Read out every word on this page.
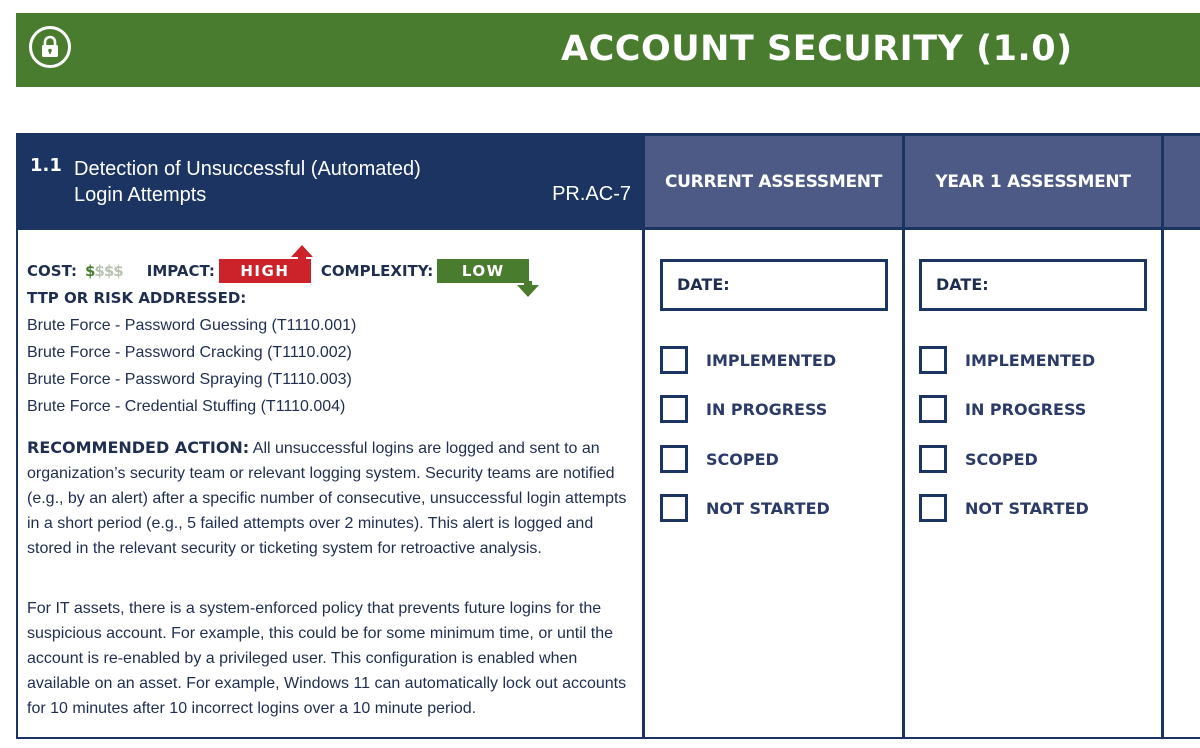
ACCOUNT SECURITY (1.0)
1.1 Detection of Unsuccessful (Automated) Login Attempts	PR.AC-7
CURRENT ASSESSMENT	YEAR 1 ASSESSMENT
COST: $$$$ IMPACT:	HIGH	COMPLEXITY:	LOW
TTP OR RISK ADDRESSED:
Brute Force - Password Guessing (T1110.001)
Brute Force - Password Cracking (T1110.002)
Brute Force - Password Spraying (T1110.003)
Brute Force - Credential Stuffing (T1110.004)

RECOMMENDED ACTION: All unsuccessful logins are logged and sent to an organization’s security team or relevant logging system. Security teams are notified (e.g., by an alert) after a specific number of consecutive, unsuccessful login attempts in a short period (e.g., 5 failed attempts over 2 minutes). This alert is logged and stored in the relevant security or ticketing system for retroactive analysis.

For IT assets, there is a system-enforced policy that prevents future logins for the suspicious account. For example, this could be for some minimum time, or until the account is re-enabled by a privileged user. This configuration is enabled when available on an asset. For example, Windows 11 can automatically lock out accounts for 10 minutes after 10 incorrect logins over a 10 minute period.

DATE:
IMPLEMENTED
IN PROGRESS
SCOPED
NOT STARTED
DATE:
IMPLEMENTED
IN PROGRESS
SCOPED
NOT STARTED
